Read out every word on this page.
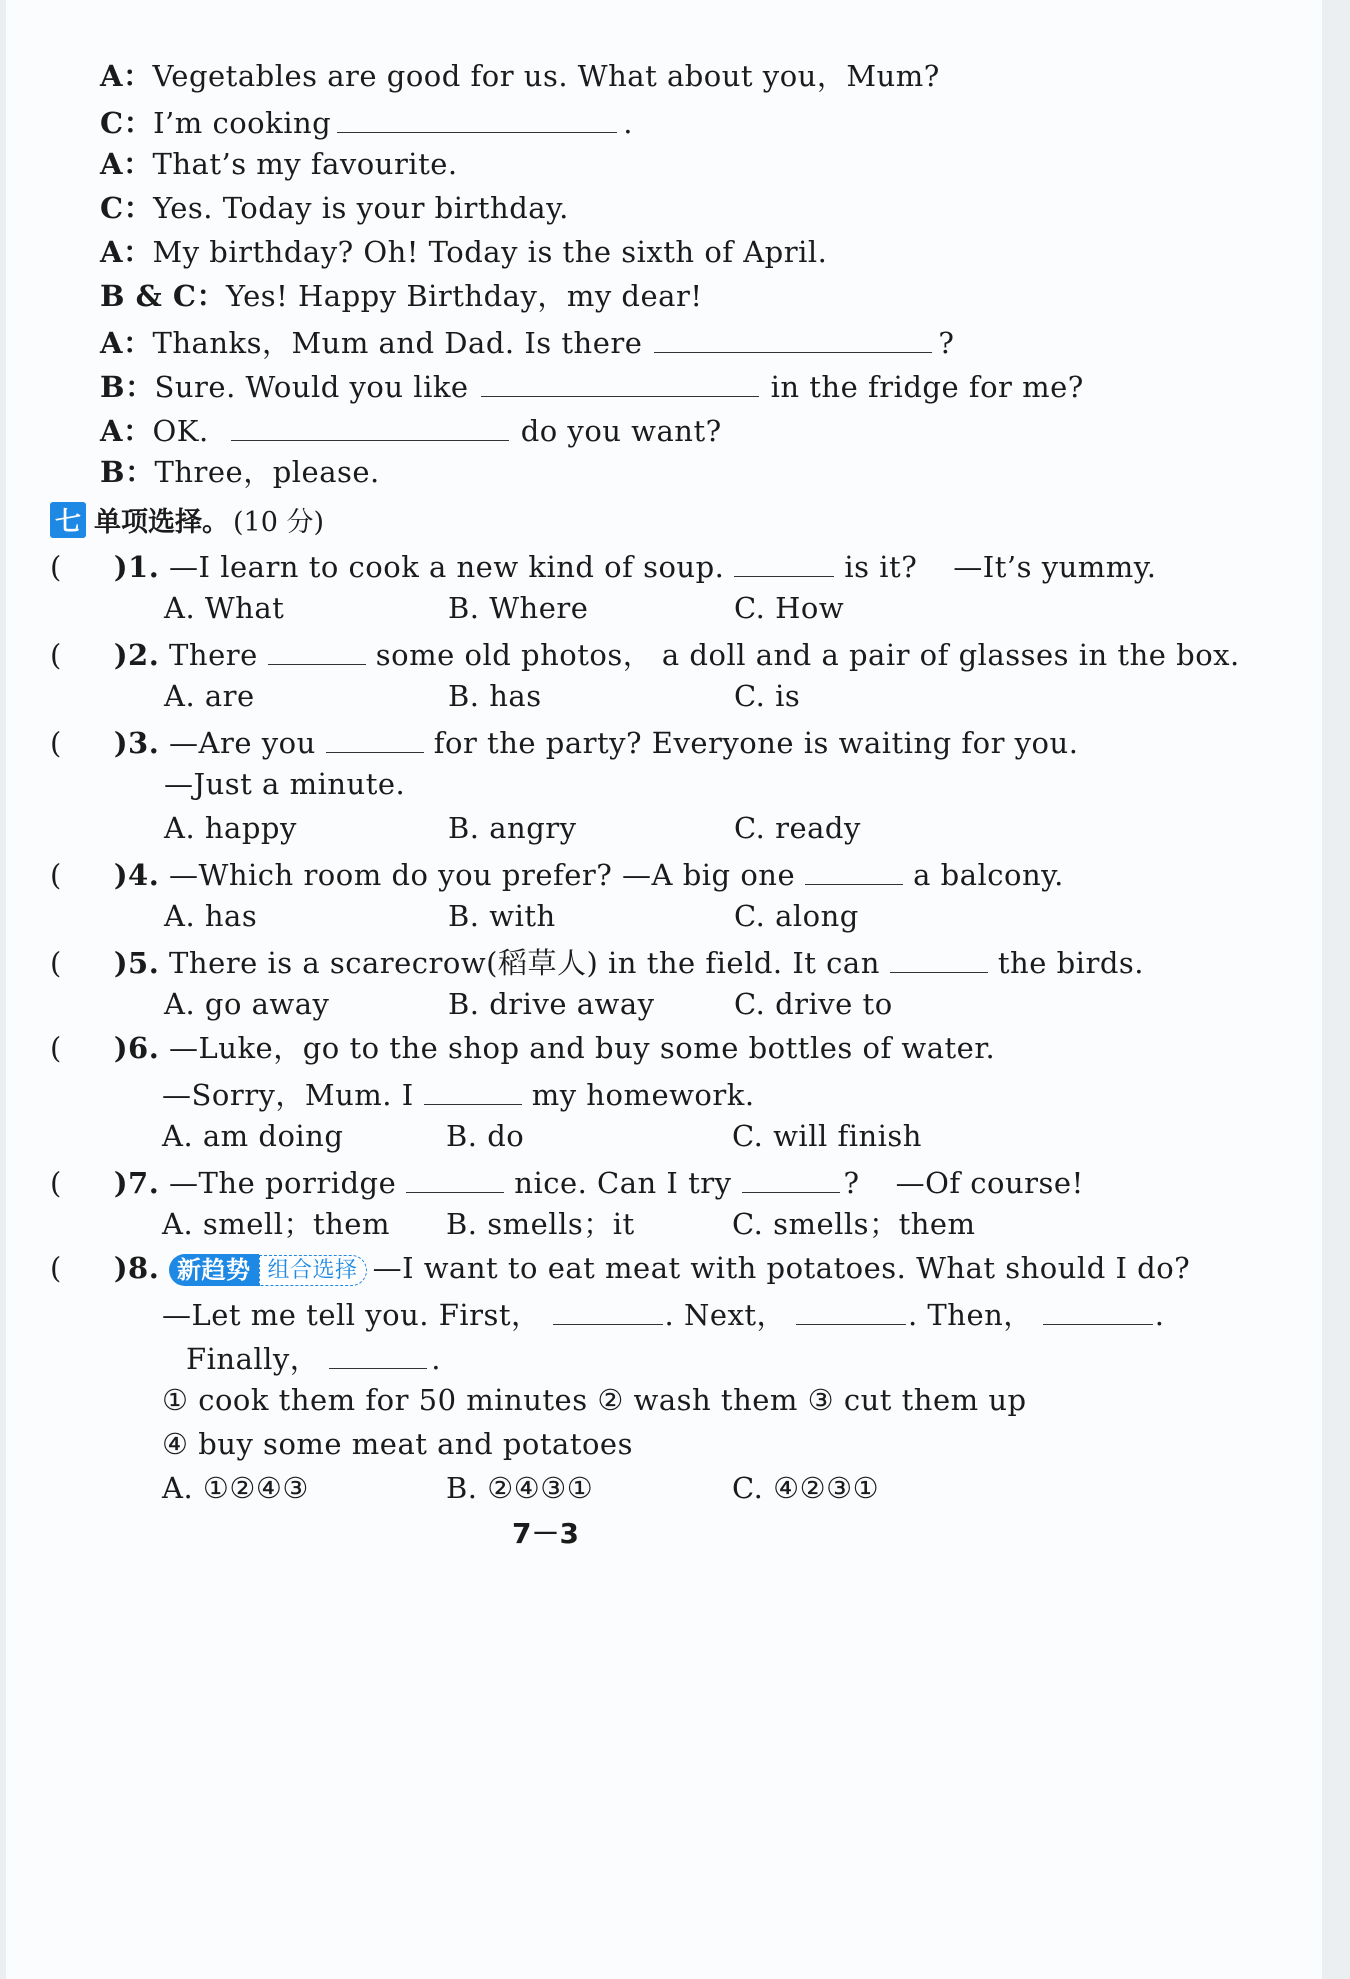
A：Vegetables are good for us. What about you，Mum?
C：I’m cooking	.
A：That’s my favourite.
C：Yes. Today is your birthday.
A：My birthday? Oh! Today is the sixth of April.
B & C：Yes! Happy Birthday，my dear!
A：Thanks，Mum and Dad. Is there	?
B：Sure. Would you like	in the fridge for me?
A：OK.	do you want?
B：Three，please.
七 单项选择。 (10 分)
( )1. —I learn to cook a new kind of soup.	is it? —It’s yummy.
A. What	B. Where	C. How
( )2. There	some old photos， a doll and a pair of glasses in the box.
A. are	B. has	C. is
( )3. —Are you	for the party? Everyone is waiting for you.
—Just a minute.
A. happy	B. angry	C. ready
( )4. —Which room do you prefer? —A big one	a balcony.
A. has	B. with	C. along
( )5. There is a scarecrow(稻草人) in the field. It can	the birds.
A. go away	B. drive away	C. drive to
( )6. —Luke，go to the shop and buy some bottles of water.
—Sorry，Mum. I	my homework.
A. am doing	B. do	C. will finish
( )7. —The porridge	nice. Can I try	? —Of course!
A. smell；them B. smells；it	C. smells；them
( )8. 新趋势 组合选择 —I want to eat meat with potatoes. What should I do?
—Let me tell you. First，	. Next，	. Then，	.
Finally，	.
① cook them for 50 minutes ② wash them ③ cut them up
④ buy some meat and potatoes
A. ①②④③	B. ②④③①	C. ④②③①
7－3
